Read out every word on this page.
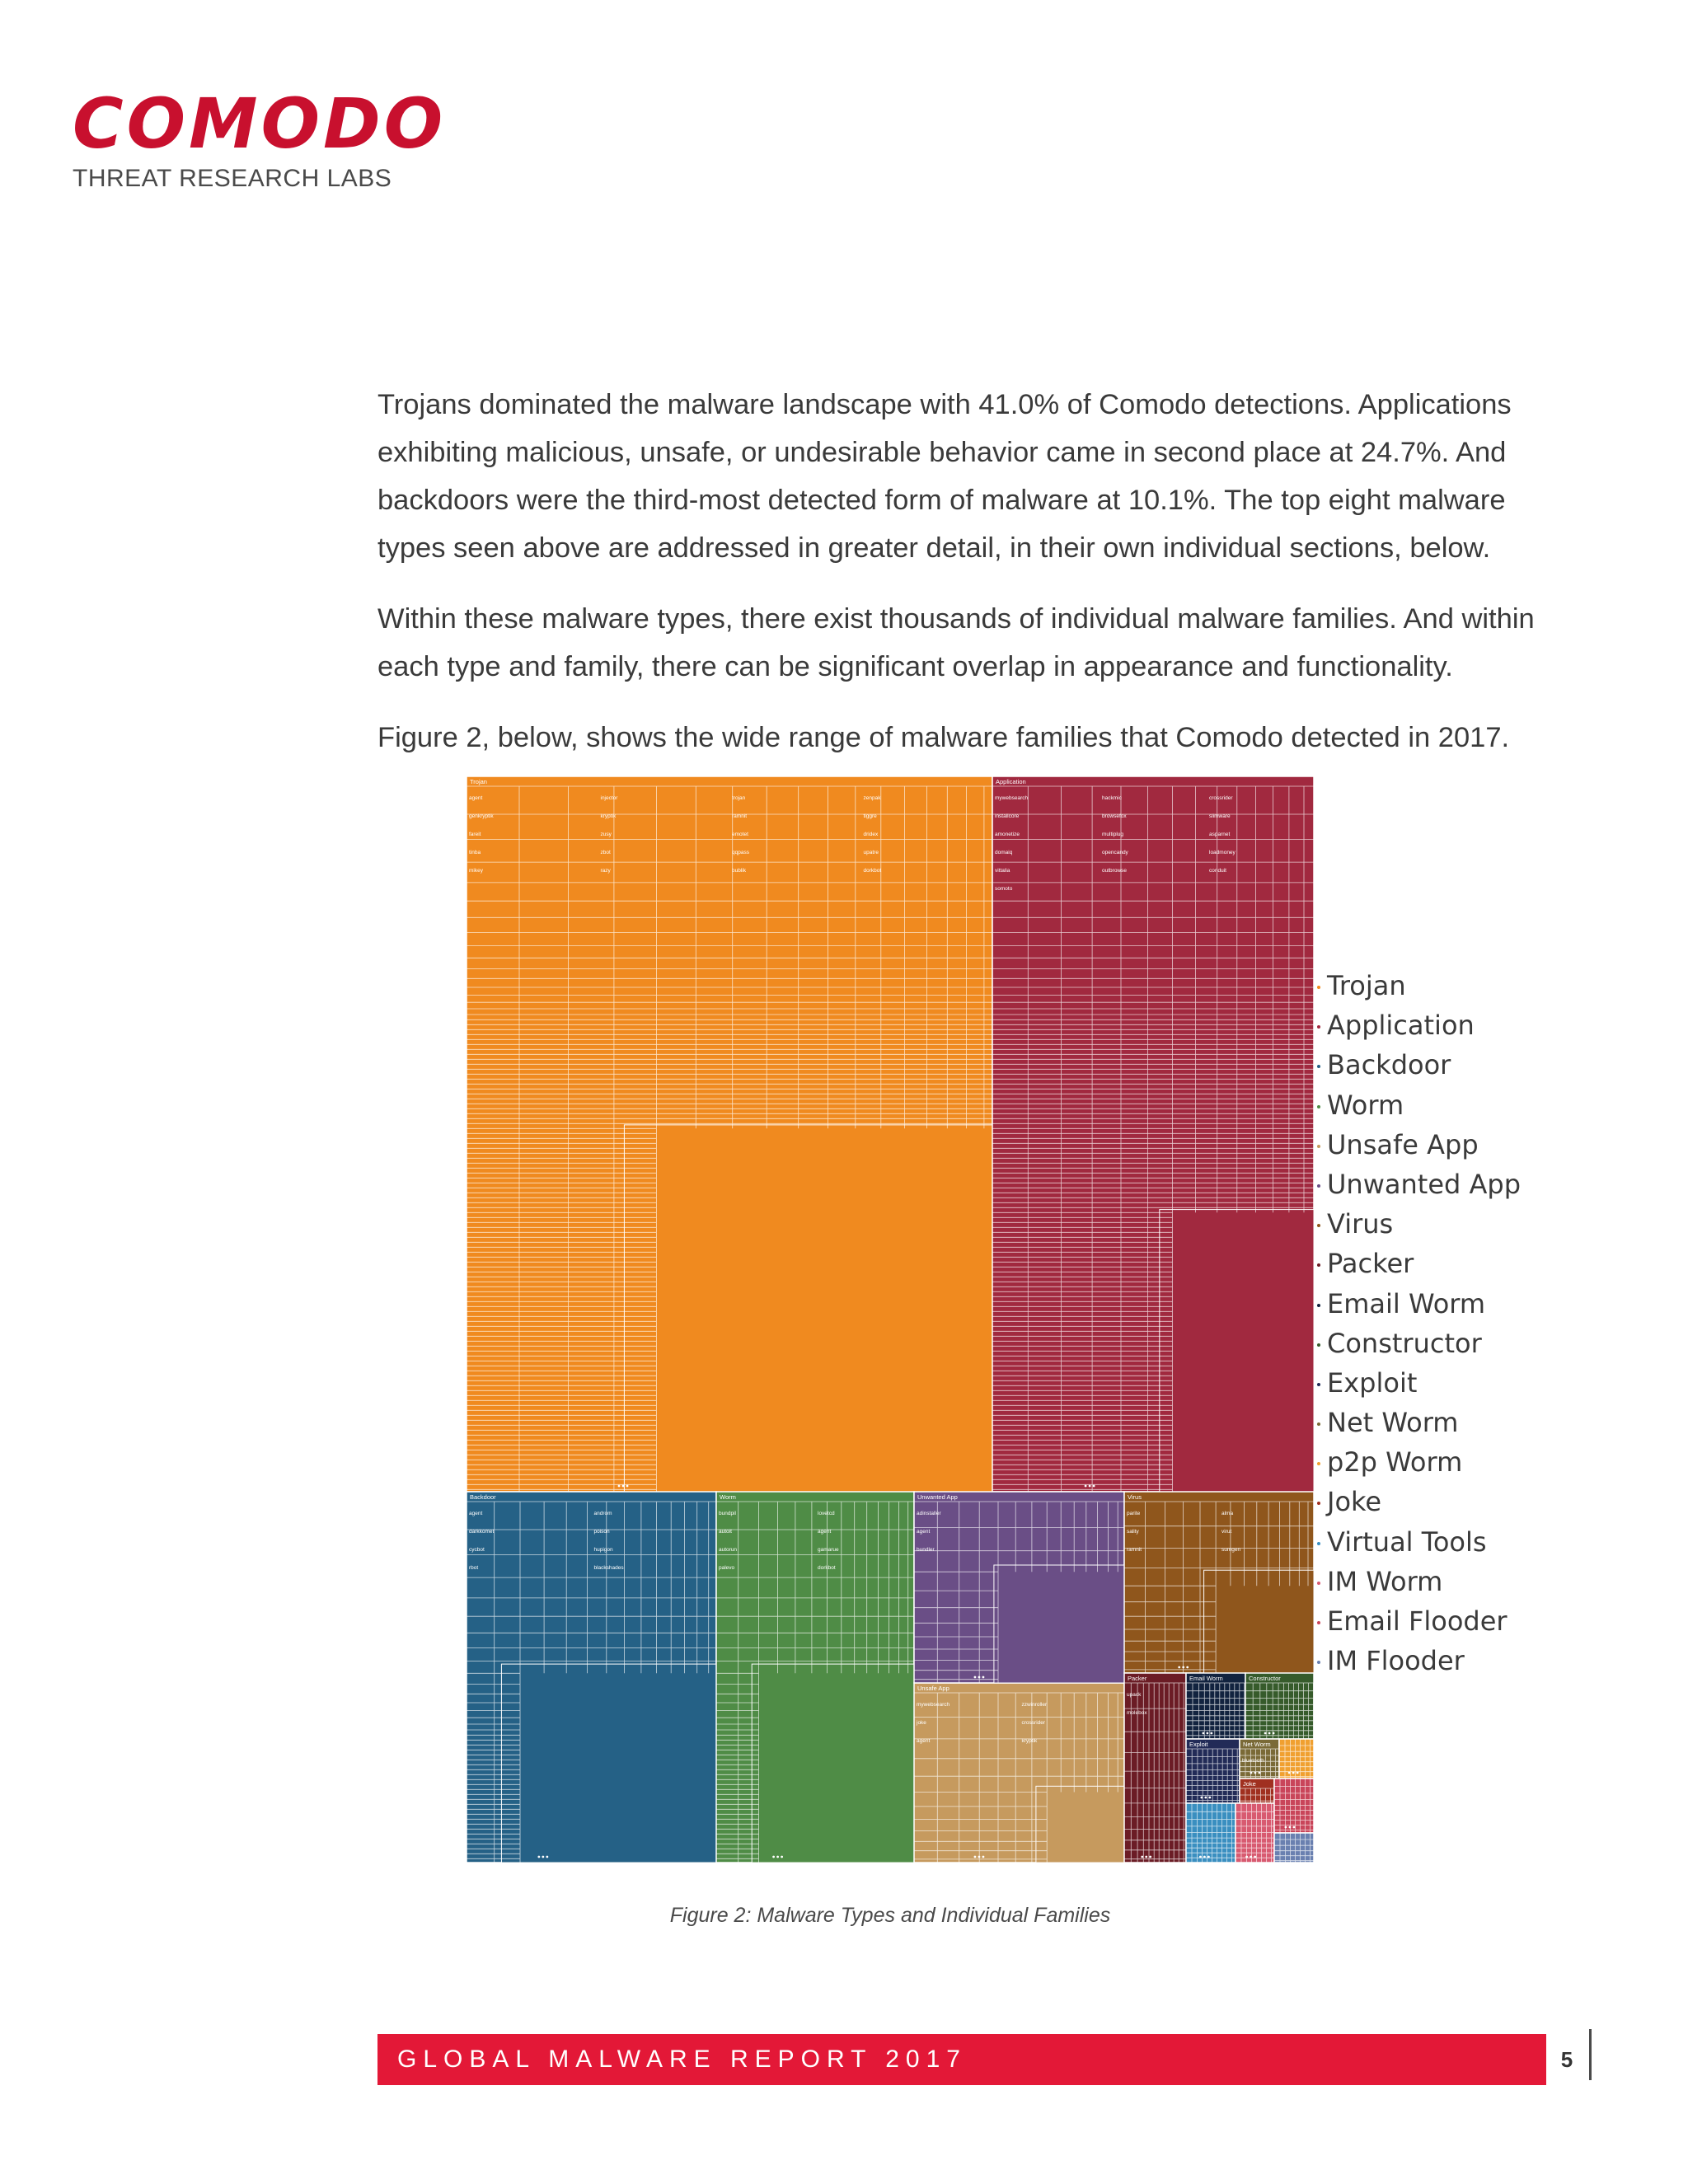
COMODO
THREAT RESEARCH LABS

Trojans dominated the malware landscape with 41.0% of Comodo detections. Applications exhibiting malicious, unsafe, or undesirable behavior came in second place at 24.7%. And backdoors were the third-most detected form of malware at 10.1%. The top eight malware types seen above are addressed in greater detail, in their own individual sections, below.

Within these malware types, there exist thousands of individual malware families. And within each type and family, there can be significant overlap in appearance and functionality.

Figure 2, below, shows the wide range of malware families that Comodo detected in 2017.

Trojan
agent	injector	trojan	zenpak
genkryptik	kryptik	ramnit	tiggre
fareit	zusy	emotet	dridex
tinba	zbot	qqpass	upatre
mikey	razy	bublik	dorkbot
Application
mywebsearch	hackmic	crossrider
installcore	browsefox	slimware
amonetize	multiplug	asparnet
domaiq	opencandy	loadmoney
vittalia	outbrowse	conduit
somoto
Backdoor
agent	androm
darkkomet	poison
cycbot	hupigon
rbot	blackshades
Worm
bundpil	lovetcd
autoit	agent
autorun	gamarue
palevo	dorkbot
Unsafe App
mywebsearch	zzwinroller
joke	crossrider
agent	kryptik
Unwanted App
adinstaller
agent
bundler
Virus
parite	alma
sality	virut
ramnit	sumgen
Packer
upack
molebox
Email Worm	Constructor
Exploit	Net Worm
bluetooth
Joke
Trojan
Application
Backdoor
Worm
Unsafe App
Unwanted App
Virus
Packer
Email Worm
Constructor
Exploit
Net Worm
p2p Worm
Joke
Virtual Tools
IM Worm
Email Flooder
IM Flooder
Figure 2: Malware Types and Individual Families
GLOBAL MALWARE REPORT 2017	5
